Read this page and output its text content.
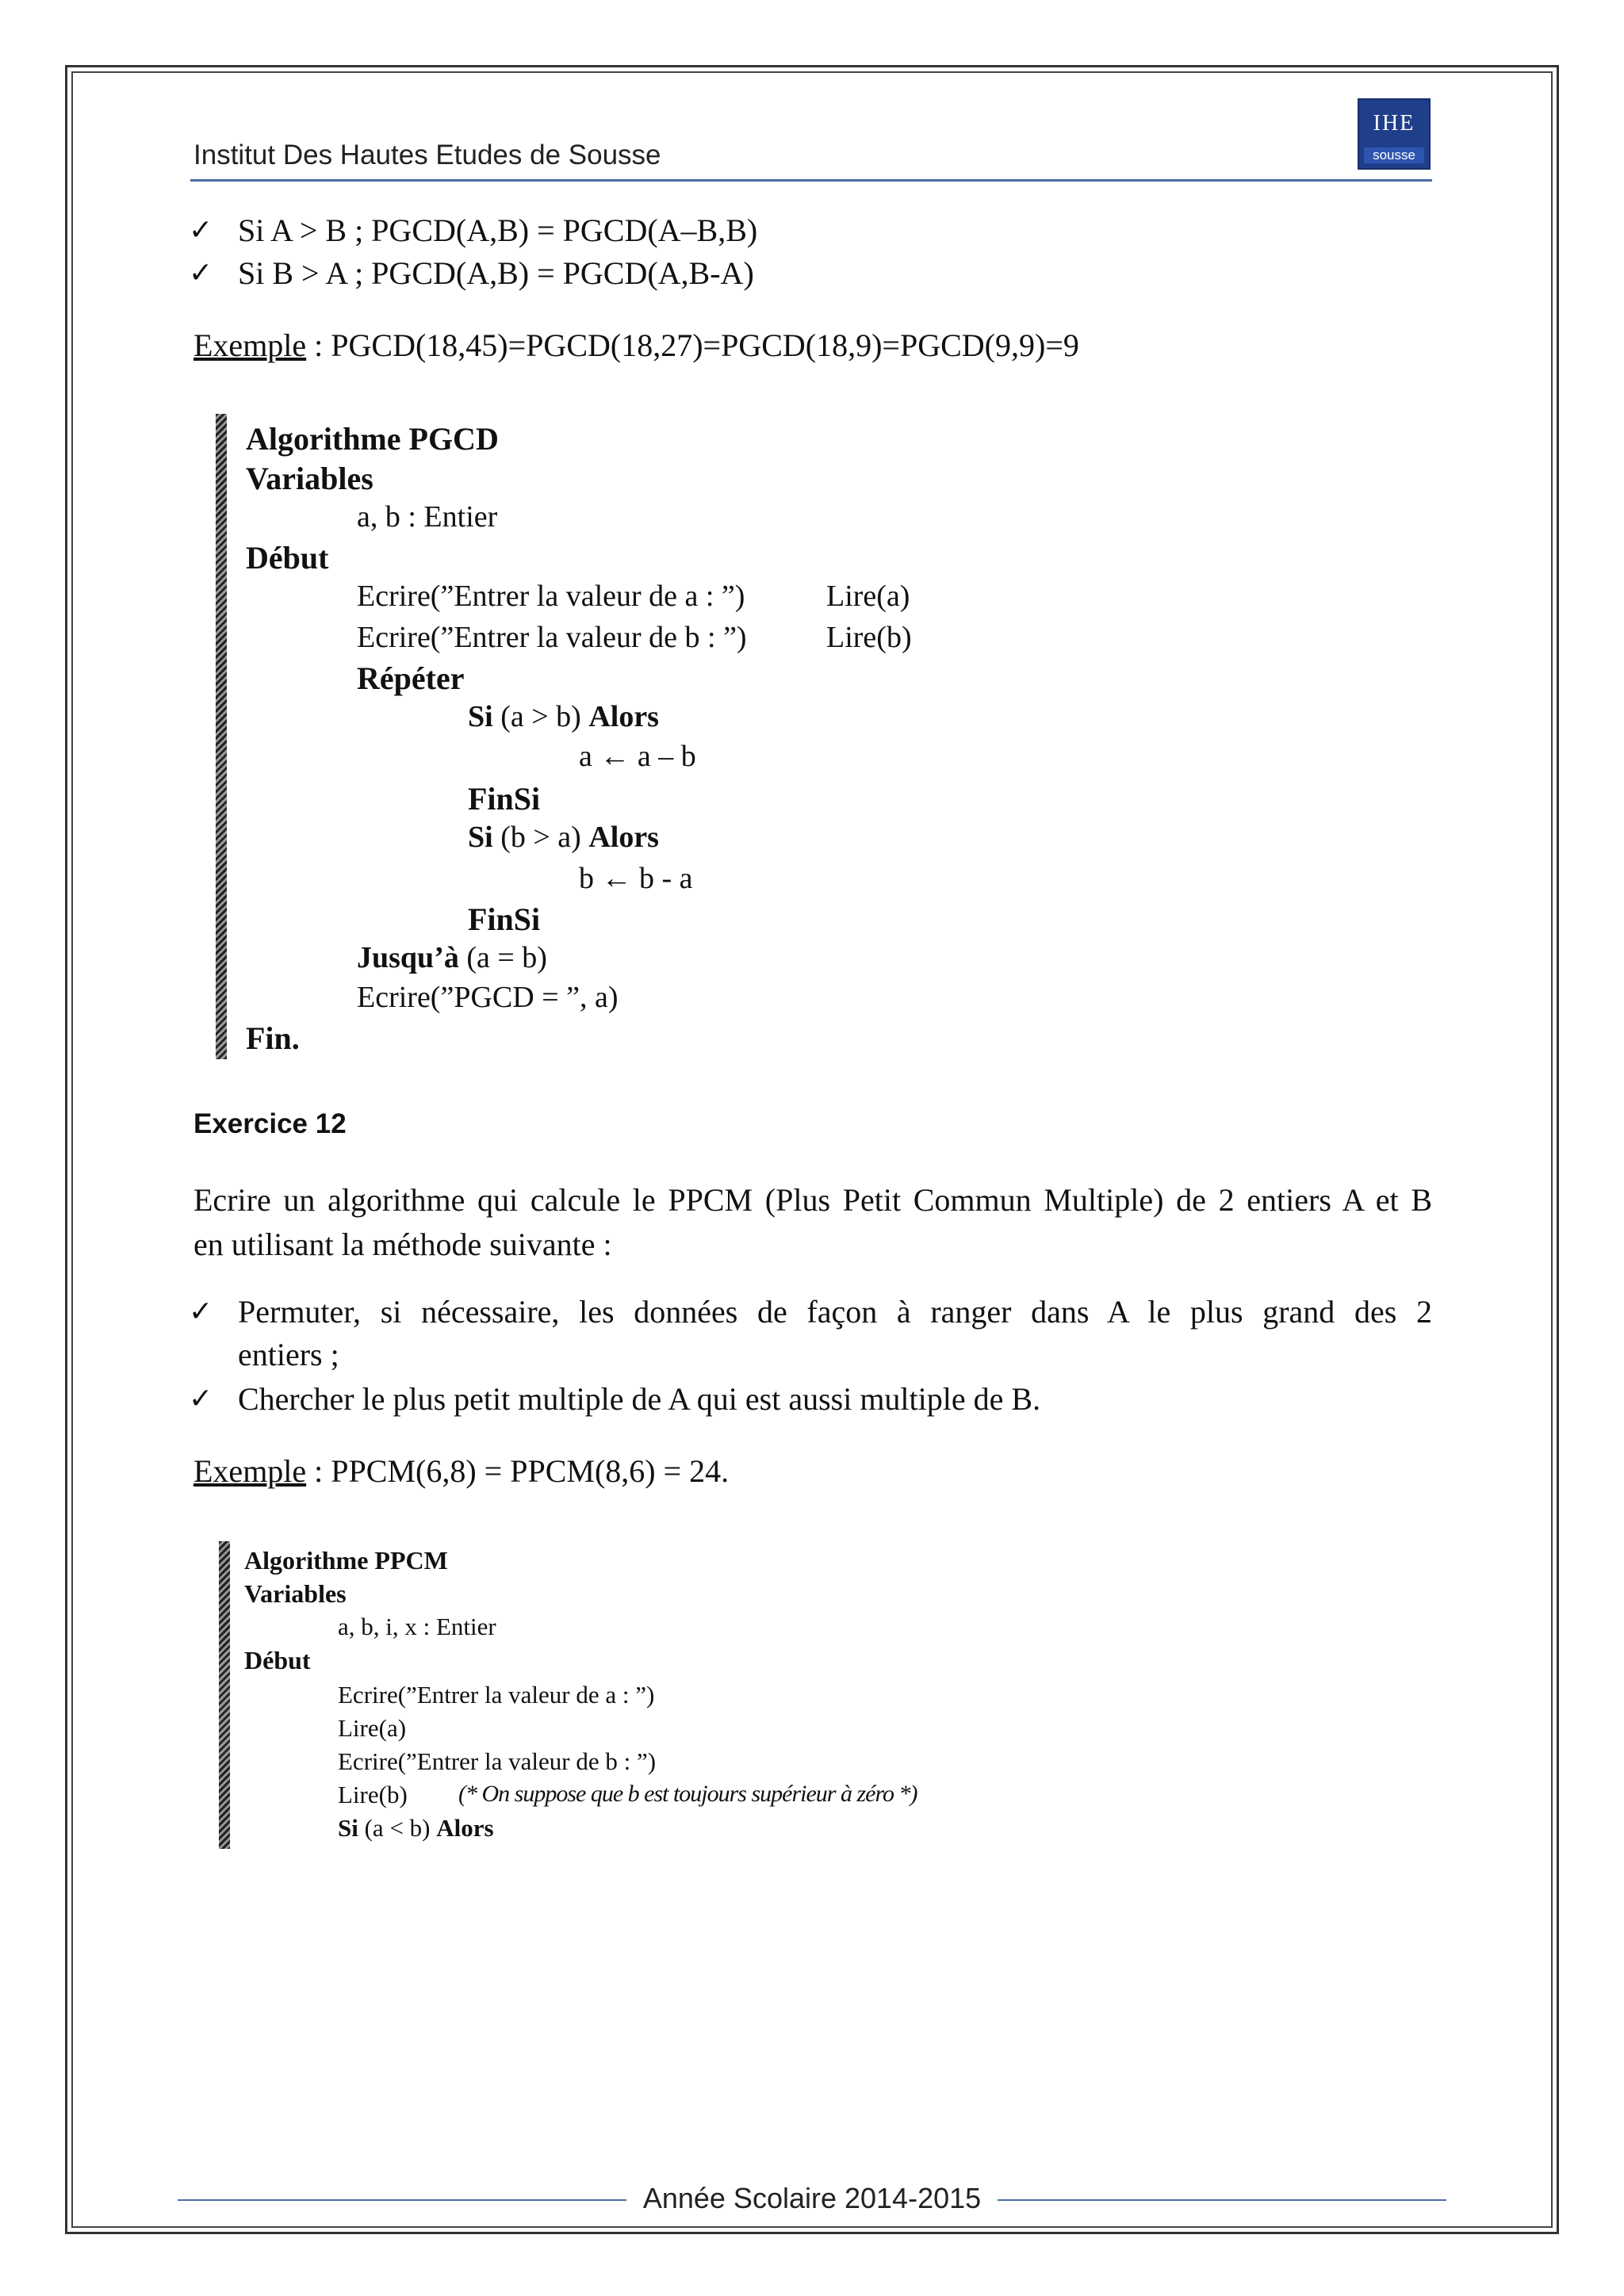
Institut Des Hautes Etudes de Sousse
IHE
sousse
✓ Si A > B ; PGCD(A,B) = PGCD(A–B,B)
✓ Si B > A ; PGCD(A,B) = PGCD(A,B-A)
Exemple : PGCD(18,45)=PGCD(18,27)=PGCD(18,9)=PGCD(9,9)=9
Algorithme PGCD
Variables
a, b : Entier
Début
Ecrire(”Entrer la valeur de a : ”)	Lire(a)
Ecrire(”Entrer la valeur de b : ”)	Lire(b)
Répéter
Si (a > b) Alors
a ← a – b
FinSi
Si (b > a) Alors
b ← b - a
FinSi
Jusqu’à (a = b)
Ecrire(”PGCD = ”, a)
Fin.
Exercice 12
Ecrire un algorithme qui calcule le PPCM (Plus Petit Commun Multiple) de 2 entiers A et B
en utilisant la méthode suivante :
✓ Permuter, si nécessaire, les données de façon à ranger dans A le plus grand des 2
entiers ;
✓ Chercher le plus petit multiple de A qui est aussi multiple de B.
Exemple : PPCM(6,8) = PPCM(8,6) = 24.
Algorithme PPCM
Variables
a, b, i, x : Entier
Début
Ecrire(”Entrer la valeur de a : ”)
Lire(a)
Ecrire(”Entrer la valeur de b : ”)
Lire(b) (* On suppose que b est toujours supérieur à zéro *)
Si (a < b) Alors
Année Scolaire 2014-2015
